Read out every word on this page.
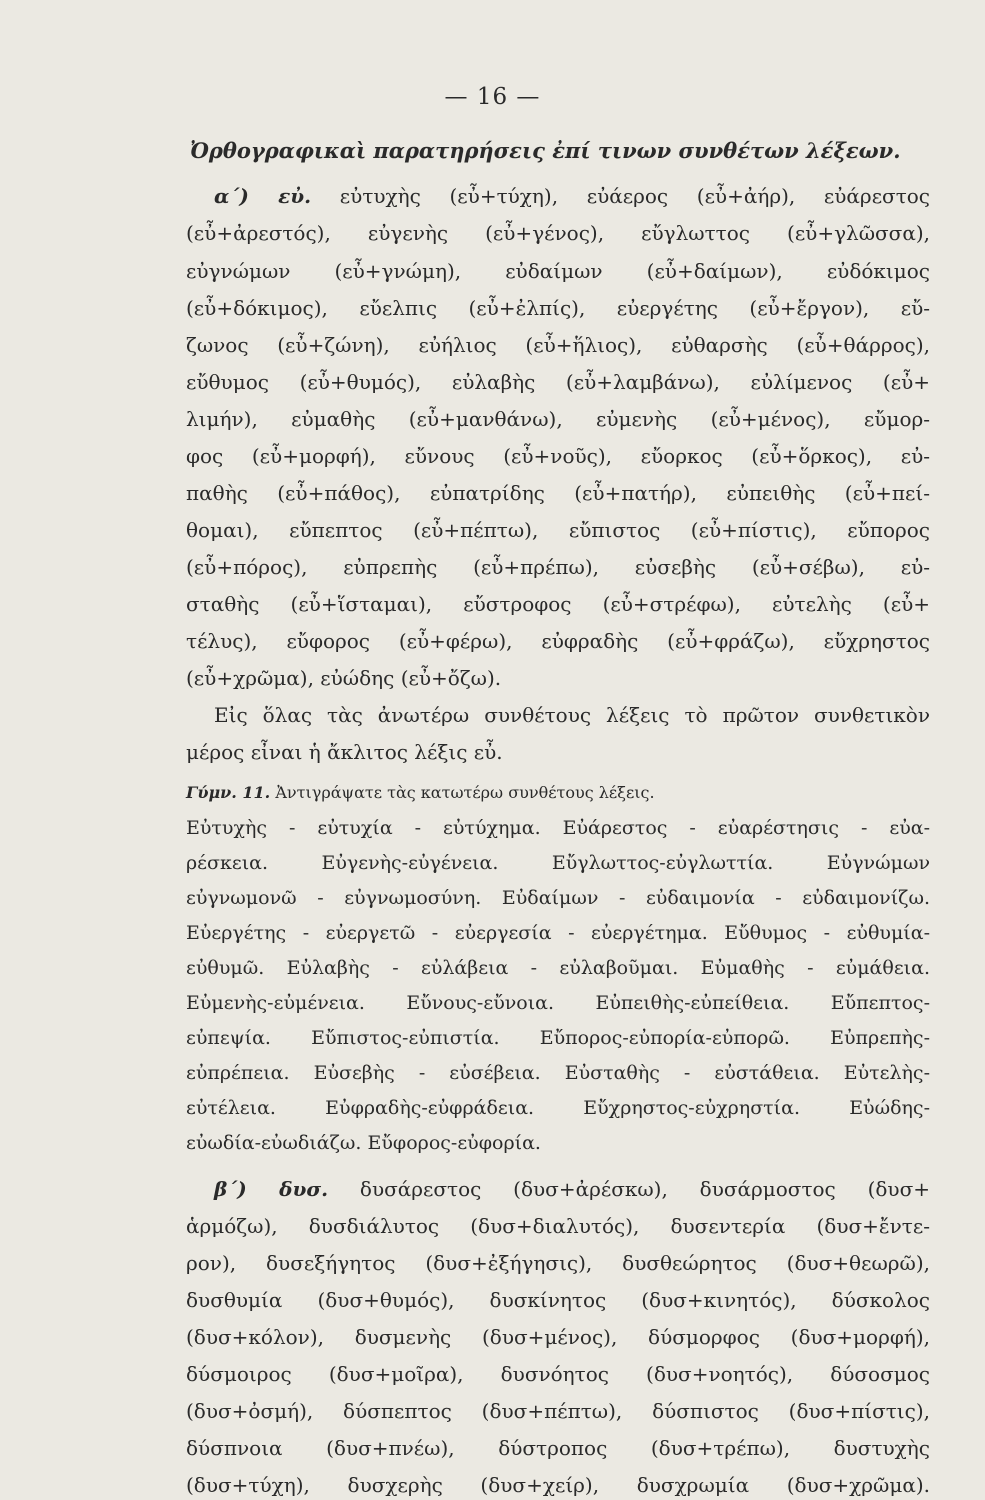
— 16 —
Ὀρθογραφικαὶ παρατηρήσεις ἐπί τινων συνθέτων λέξεων.
α΄) εὐ. εὐτυχὴς (εὖ+τύχη), εὐάερος (εὖ+ἀήρ), εὐάρεστος
(εὖ+ἀρεστός), εὐγενὴς (εὖ+γένος), εὔγλωττος (εὖ+γλῶσσα),
εὐγνώμων (εὖ+γνώμη), εὐδαίμων (εὖ+δαίμων), εὐδόκιμος
(εὖ+δόκιμος), εὔελπις (εὖ+ἐλπίς), εὐεργέτης (εὖ+ἔργον), εὔ-
ζωνος (εὖ+ζώνη), εὐήλιος (εὖ+ἥλιος), εὐθαρσὴς (εὖ+θάρρος),
εὔθυμος (εὖ+θυμός), εὐλαβὴς (εὖ+λαμβάνω), εὐλίμενος (εὖ+
λιμήν), εὐμαθὴς (εὖ+μανθάνω), εὐμενὴς (εὖ+μένος), εὔμορ-
φος (εὖ+μορφή), εὔνους (εὖ+νοῦς), εὔορκος (εὖ+ὅρκος), εὐ-
παθὴς (εὖ+πάθος), εὐπατρίδης (εὖ+πατήρ), εὐπειθὴς (εὖ+πεί-
θομαι), εὔπεπτος (εὖ+πέπτω), εὔπιστος (εὖ+πίστις), εὔπορος
(εὖ+πόρος), εὐπρεπὴς (εὖ+πρέπω), εὐσεβὴς (εὖ+σέβω), εὐ-
σταθὴς (εὖ+ἵσταμαι), εὔστροφος (εὖ+στρέφω), εὐτελὴς (εὖ+
τέλυς), εὔφορος (εὖ+φέρω), εὐφραδὴς (εὖ+φράζω), εὔχρηστος
(εὖ+χρῶμα), εὐώδης (εὖ+ὄζω).
Εἰς ὅλας τὰς ἀνωτέρω συνθέτους λέξεις τὸ πρῶτον συνθετικὸν
μέρος εἶναι ἡ ἄκλιτος λέξις εὖ.
Γύμν. 11. Ἀντιγράψατε τὰς κατωτέρω συνθέτους λέξεις.
Εὐτυχὴς - εὐτυχία - εὐτύχημα. Εὐάρεστος - εὐαρέστησις - εὐα-
ρέσκεια. Εὐγενὴς-εὐγένεια. Εὔγλωττος-εὐγλωττία. Εὐγνώμων
εὐγνωμονῶ - εὐγνωμοσύνη. Εὐδαίμων - εὐδαιμονία - εὐδαιμονίζω.
Εὐεργέτης - εὐεργετῶ - εὐεργεσία - εὐεργέτημα. Εὔθυμος - εὐθυμία-
εὐθυμῶ. Εὐλαβὴς - εὐλάβεια - εὐλαβοῦμαι. Εὐμαθὴς - εὐμάθεια.
Εὐμενὴς-εὐμένεια. Εὔνους-εὔνοια. Εὐπειθὴς-εὐπείθεια. Εὔπεπτος-
εὐπεψία. Εὔπιστος-εὐπιστία. Εὔπορος-εὐπορία-εὐπορῶ. Εὐπρεπὴς-
εὐπρέπεια. Εὐσεβὴς - εὐσέβεια. Εὐσταθὴς - εὐστάθεια. Εὐτελὴς-
εὐτέλεια. Εὐφραδὴς-εὐφράδεια. Εὔχρηστος-εὐχρηστία. Εὐώδης-
εὐωδία-εὐωδιάζω. Εὔφορος-εὐφορία.
β΄) δυσ. δυσάρεστος (δυσ+ἀρέσκω), δυσάρμοστος (δυσ+
ἁρμόζω), δυσδιάλυτος (δυσ+διαλυτός), δυσεντερία (δυσ+ἔντε-
ρον), δυσεξήγητος (δυσ+ἐξήγησις), δυσθεώρητος (δυσ+θεωρῶ),
δυσθυμία (δυσ+θυμός), δυσκίνητος (δυσ+κινητός), δύσκολος
(δυσ+κόλον), δυσμενὴς (δυσ+μένος), δύσμορφος (δυσ+μορφή),
δύσμοιρος (δυσ+μοῖρα), δυσνόητος (δυσ+νοητός), δύσοσμος
(δυσ+ὀσμή), δύσπεπτος (δυσ+πέπτω), δύσπιστος (δυσ+πίστις),
δύσπνοια (δυσ+πνέω), δύστροπος (δυσ+τρέπω), δυστυχὴς
(δυσ+τύχη), δυσχερὴς (δυσ+χείρ), δυσχρωμία (δυσ+χρῶμα).
